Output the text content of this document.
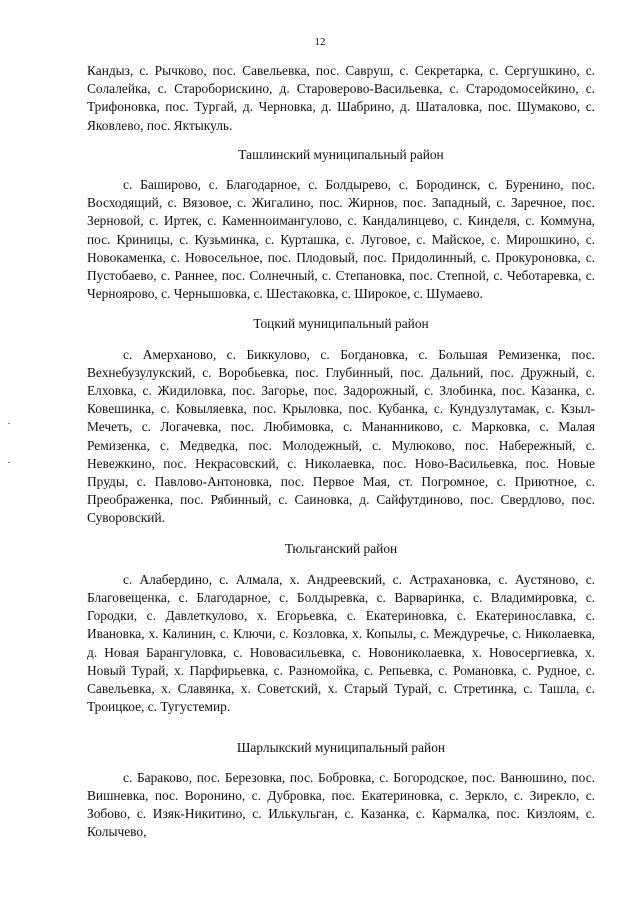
12

Кандыз, с. Рычково, пос. Савельевка, пос. Савруш, с. Секретарка, с. Сергушкино, с. Солалейка, с. Староборискино, д. Староверово-Васильевка, с. Стародомосейкино, с. Трифоновка, пос. Тургай, д. Черновка, д. Шабрино, д. Шаталовка, пос. Шумаково, с. Яковлево, пос. Яктыкуль.

Ташлинский муниципальный район

с. Баширово, с. Благодарное, с. Болдырево, с. Бородинск, с. Буренино, пос. Восходящий, с. Вязовое, с. Жигалино, пос. Жирнов, пос. Западный, с. Заречное, пос. Зерновой, с. Иртек, с. Каменноимангулово, с. Кандалинцево, с. Кинделя, с. Коммуна, пос. Криницы, с. Кузьминка, с. Курташка, с. Луговое, с. Майское, с. Мирошкино, с. Новокаменка, с. Новосельное, пос. Плодовый, пос. Придолинный, с. Прокуроновка, с. Пустобаево, с. Раннее, пос. Солнечный, с. Степановка, пос. Степной, с. Чеботаревка, с. Черноярово, с. Чернышовка, с. Шестаковка, с. Широкое, с. Шумаево.

Тоцкий муниципальный район

с. Амерханово, с. Биккулово, с. Богдановка, с. Большая Ремизенка, пос. Вехнебузулукский, с. Воробьевка, пос. Глубинный, пос. Дальний, пос. Дружный, с. Елховка, с. Жидиловка, пос. Загорье, пос. Задорожный, с. Злобинка, пос. Казанка, с. Ковешинка, с. Ковыляевка, пос. Крыловка, пос. Кубанка, с. Кундузлутамак, с. Кзыл-Мечеть, с. Логачевка, пос. Любимовка, с. Мананниково, с. Марковка, с. Малая Ремизенка, с. Медведка, пос. Молодежный, с. Мулюково, пос. Набережный, с. Невежкино, пос. Некрасовский, с. Николаевка, пос. Ново-Васильевка, пос. Новые Пруды, с. Павлово-Антоновка, пос. Первое Мая, ст. Погромное, с. Приютное, с. Преображенка, пос. Рябинный, с. Саиновка, д. Сайфутдиново, пос. Свердлово, пос. Суворовский.

Тюльганский район

с. Алабердино, с. Алмала, х. Андреевский, с. Астрахановка, с. Аустяново, с. Благовещенка, с. Благодарное, с. Болдыревка, с. Варваринка, с. Владимировка, с. Городки, с. Давлеткулово, х. Егорьевка, с. Екатериновка, с. Екатеринославка, с. Ивановка, х. Калинин, с. Ключи, с. Козловка, х. Копылы, с. Междуречье, с. Николаевка, д. Новая Барангуловка, с. Нововасильевка, с. Новониколаевка, х. Новосергиевка, х. Новый Турай, х. Парфирьевка, с. Разномойка, с. Репьевка, с. Романовка, с. Рудное, с. Савельевка, х. Славянка, х. Советский, х. Старый Турай, с. Стретинка, с. Ташла, с. Троицкое, с. Тугустемир.

Шарлыкский муниципальный район

с. Бараково, пос. Березовка, пос. Бобровка, с. Богородское, пос. Ванюшино, пос. Вишневка, пос. Воронино, с. Дубровка, пос. Екатериновка, с. Зеркло, с. Зирекло, с. Зобово, с. Изяк-Никитино, с. Илькульган, с. Казанка, с. Кармалка, пос. Кизлоям, с. Колычево,
